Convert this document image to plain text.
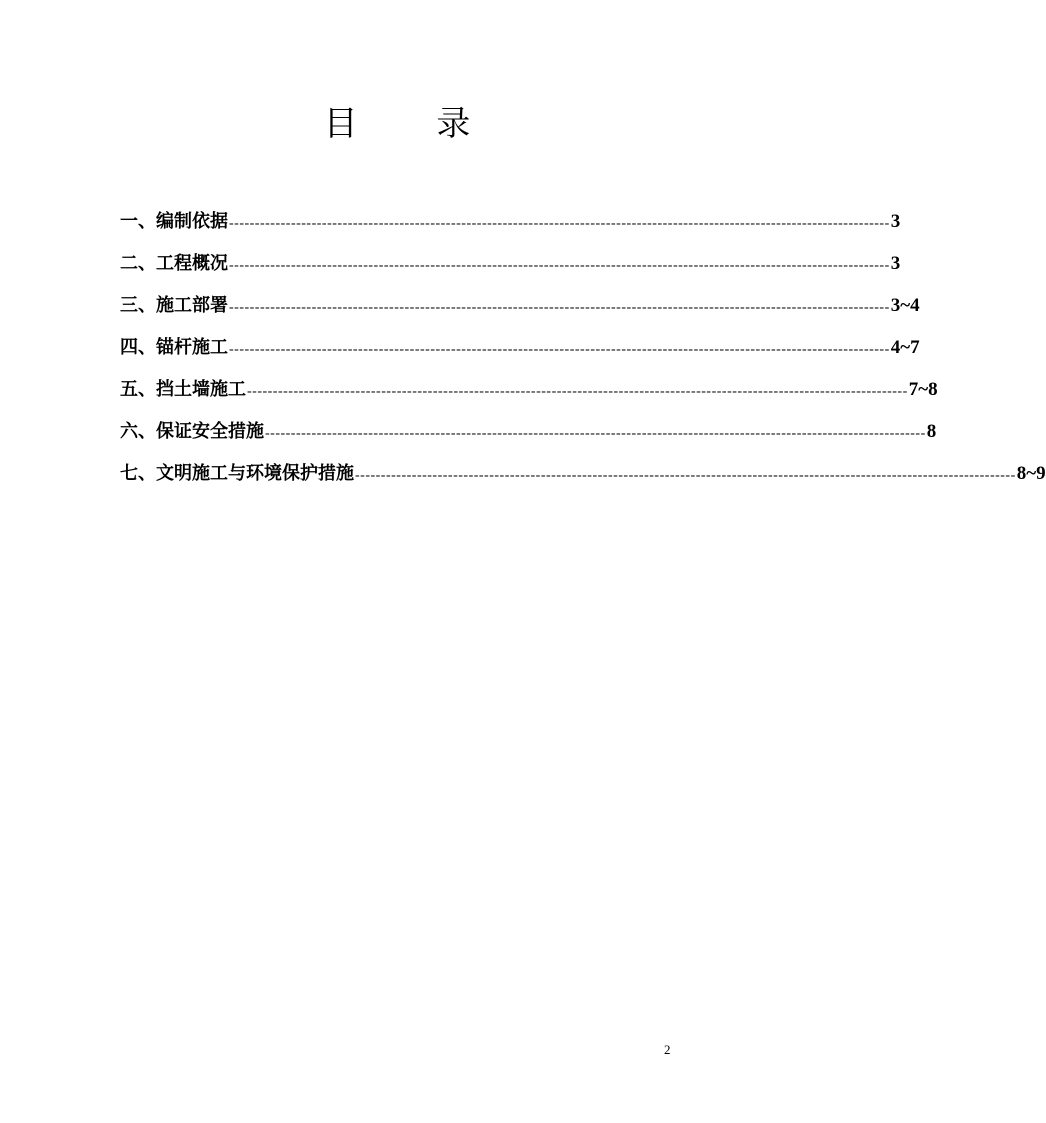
目 录
一、编制依据 -------------------------------------------------------------------------------------------------------------------------------- 3
二、工程概况 -------------------------------------------------------------------------------------------------------------------------------- 3
三、施工部署 -------------------------------------------------------------------------------------------------------------------------------- 3~4
四、锚杆施工 -------------------------------------------------------------------------------------------------------------------------------- 4~7
五、挡土墙施工 -------------------------------------------------------------------------------------------------------------------------------- 7~8
六、保证安全措施 -------------------------------------------------------------------------------------------------------------------------------- 8
七、文明施工与环境保护措施 -------------------------------------------------------------------------------------------------------------------------------- 8~9
2
